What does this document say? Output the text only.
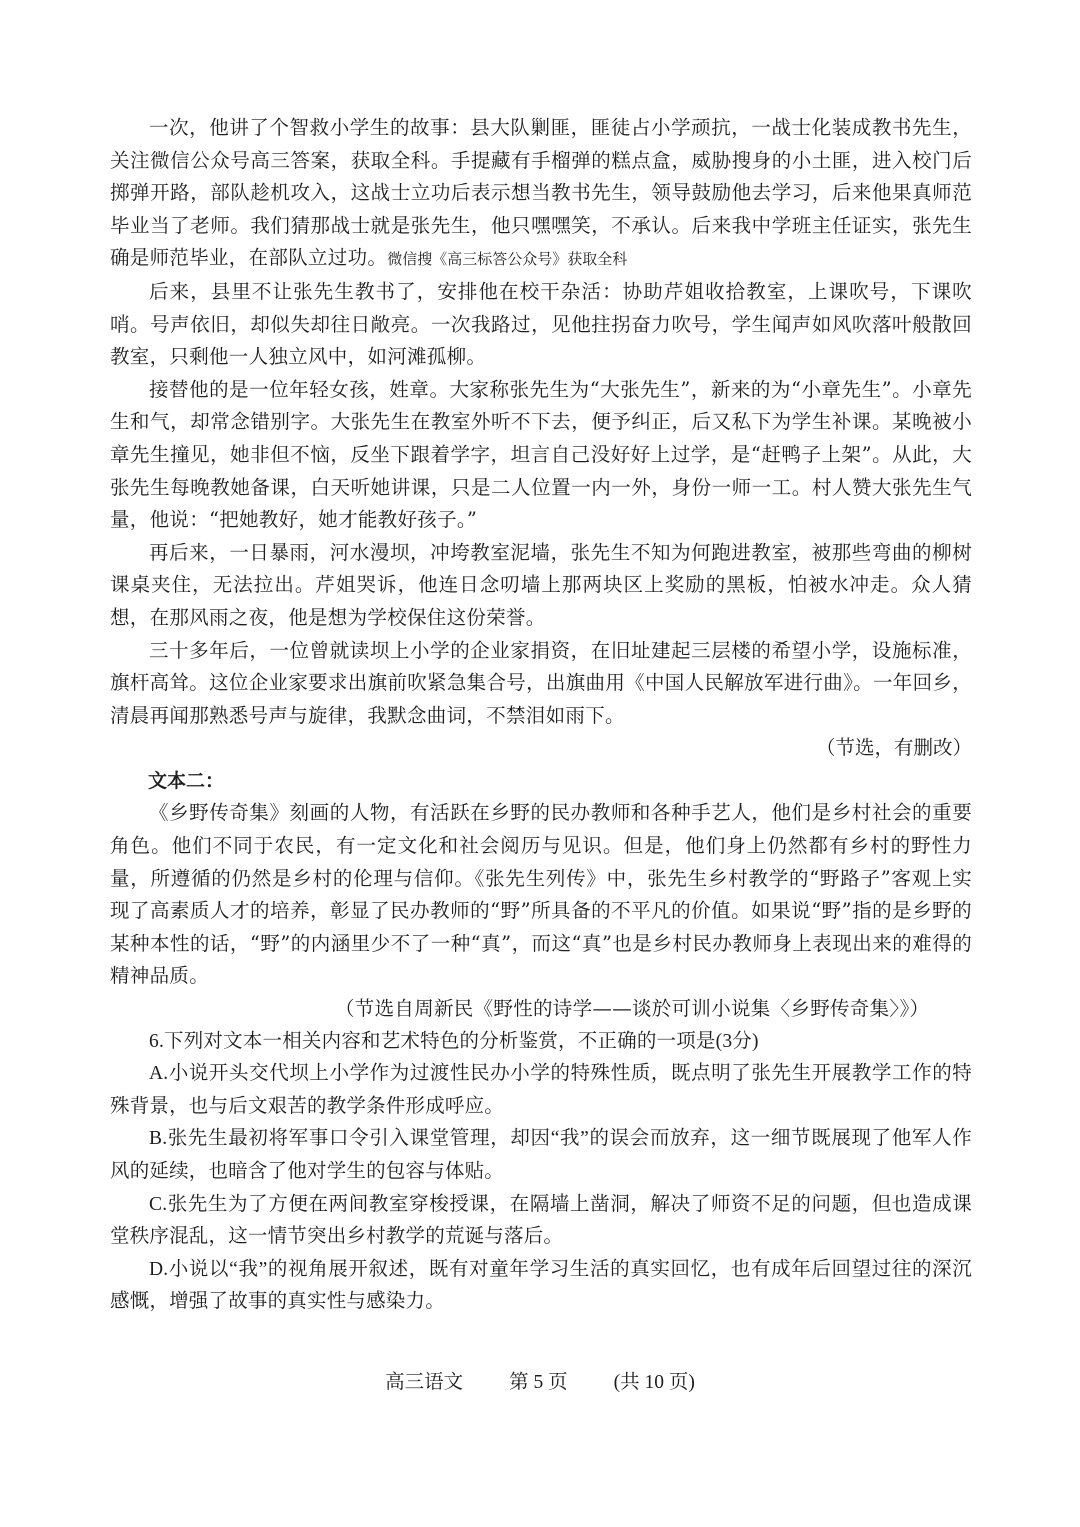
一次，他讲了个智救小学生的故事：县大队剿匪，匪徒占小学顽抗，一战士化装成教书先生，关注微信公众号高三答案，获取全科。手提藏有手榴弹的糕点盒，威胁搜身的小土匪，进入校门后掷弹开路，部队趁机攻入，这战士立功后表示想当教书先生，领导鼓励他去学习，后来他果真师范毕业当了老师。我们猜那战士就是张先生，他只嘿嘿笑，不承认。后来我中学班主任证实，张先生确是师范毕业，在部队立过功。微信搜《高三标答公众号》获取全科

后来，县里不让张先生教书了，安排他在校干杂活：协助芹姐收拾教室，上课吹号，下课吹哨。号声依旧，却似失却往日敞亮。一次我路过，见他拄拐奋力吹号，学生闻声如风吹落叶般散回教室，只剩他一人独立风中，如河滩孤柳。

接替他的是一位年轻女孩，姓章。大家称张先生为“大张先生”，新来的为“小章先生”。小章先生和气，却常念错别字。大张先生在教室外听不下去，便予纠正，后又私下为学生补课。某晚被小章先生撞见，她非但不恼，反坐下跟着学字，坦言自己没好好上过学，是“赶鸭子上架”。从此，大张先生每晚教她备课，白天听她讲课，只是二人位置一内一外，身份一师一工。村人赞大张先生气量，他说：“把她教好，她才能教好孩子。”

再后来，一日暴雨，河水漫坝，冲垮教室泥墙，张先生不知为何跑进教室，被那些弯曲的柳树课桌夹住，无法拉出。芹姐哭诉，他连日念叨墙上那两块区上奖励的黑板，怕被水冲走。众人猜想，在那风雨之夜，他是想为学校保住这份荣誉。

三十多年后，一位曾就读坝上小学的企业家捐资，在旧址建起三层楼的希望小学，设施标准，旗杆高耸。这位企业家要求出旗前吹紧急集合号，出旗曲用《中国人民解放军进行曲》。一年回乡，清晨再闻那熟悉号声与旋律，我默念曲词，不禁泪如雨下。

（节选，有删改）

文本二：

《乡野传奇集》刻画的人物，有活跃在乡野的民办教师和各种手艺人，他们是乡村社会的重要角色。他们不同于农民，有一定文化和社会阅历与见识。但是，他们身上仍然都有乡村的野性力量，所遵循的仍然是乡村的伦理与信仰。《张先生列传》中，张先生乡村教学的“野路子”客观上实现了高素质人才的培养，彰显了民办教师的“野”所具备的不平凡的价值。如果说“野”指的是乡野的某种本性的话，“野”的内涵里少不了一种“真”，而这“真”也是乡村民办教师身上表现出来的难得的精神品质。

（节选自周新民《野性的诗学——谈於可训小说集〈乡野传奇集〉》）

6.下列对文本一相关内容和艺术特色的分析鉴赏，不正确的一项是(3分)

A.小说开头交代坝上小学作为过渡性民办小学的特殊性质，既点明了张先生开展教学工作的特殊背景，也与后文艰苦的教学条件形成呼应。

B.张先生最初将军事口令引入课堂管理，却因“我”的误会而放弃，这一细节既展现了他军人作风的延续，也暗含了他对学生的包容与体贴。

C.张先生为了方便在两间教室穿梭授课，在隔墙上凿洞，解决了师资不足的问题，但也造成课堂秩序混乱，这一情节突出乡村教学的荒诞与落后。

D.小说以“我”的视角展开叙述，既有对童年学习生活的真实回忆，也有成年后回望过往的深沉感慨，增强了故事的真实性与感染力。

高三语文 第 5 页 (共 10 页)
